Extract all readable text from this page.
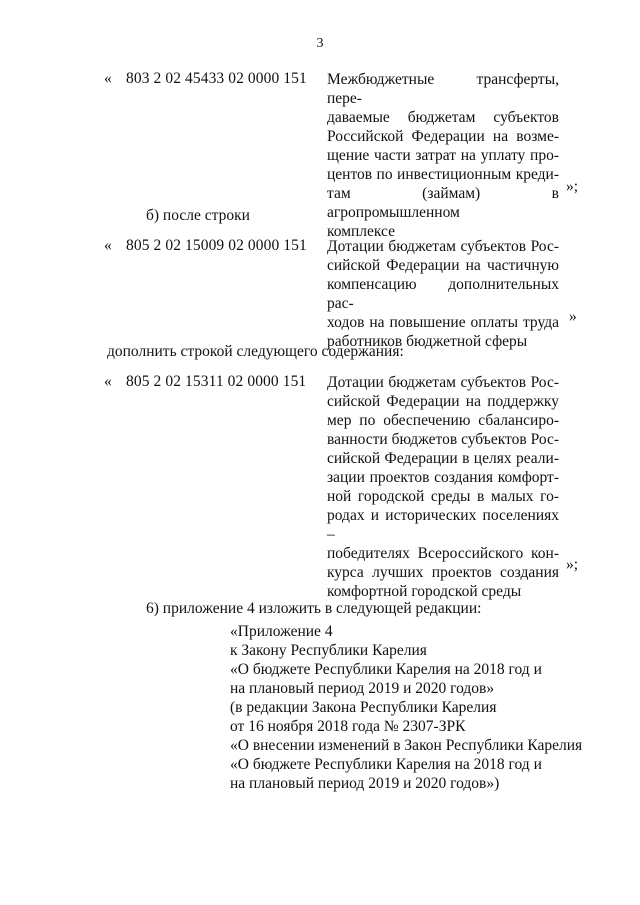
3
« 803 2 02 45433 02 0000 151 Межбюджетные трансферты, пере-
даваемые бюджетам субъектов
Российской Федерации на возме-
щение части затрат на уплату про-
центов по инвестиционным креди-
там (займам) в агропромышленном
комплексе
»;
б) после строки
« 805 2 02 15009 02 0000 151 Дотации бюджетам субъектов Рос-
сийской Федерации на частичную
компенсацию дополнительных рас-
ходов на повышение оплаты труда
работников бюджетной сферы
»
дополнить строкой следующего содержания:
« 805 2 02 15311 02 0000 151 Дотации бюджетам субъектов Рос-
сийской Федерации на поддержку
мер по обеспечению сбалансиро-
ванности бюджетов субъектов Рос-
сийской Федерации в целях реали-
зации проектов создания комфорт-
ной городской среды в малых го-
родах и исторических поселениях –
победителях Всероссийского кон-
курса лучших проектов создания
комфортной городской среды
»;
6) приложение 4 изложить в следующей редакции:
«Приложение 4
к Закону Республики Карелия
«О бюджете Республики Карелия на 2018 год и
на плановый период 2019 и 2020 годов»
(в редакции Закона Республики Карелия
от 16 ноября 2018 года № 2307-ЗРК
«О внесении изменений в Закон Республики Карелия
«О бюджете Республики Карелия на 2018 год и
на плановый период 2019 и 2020 годов»)
